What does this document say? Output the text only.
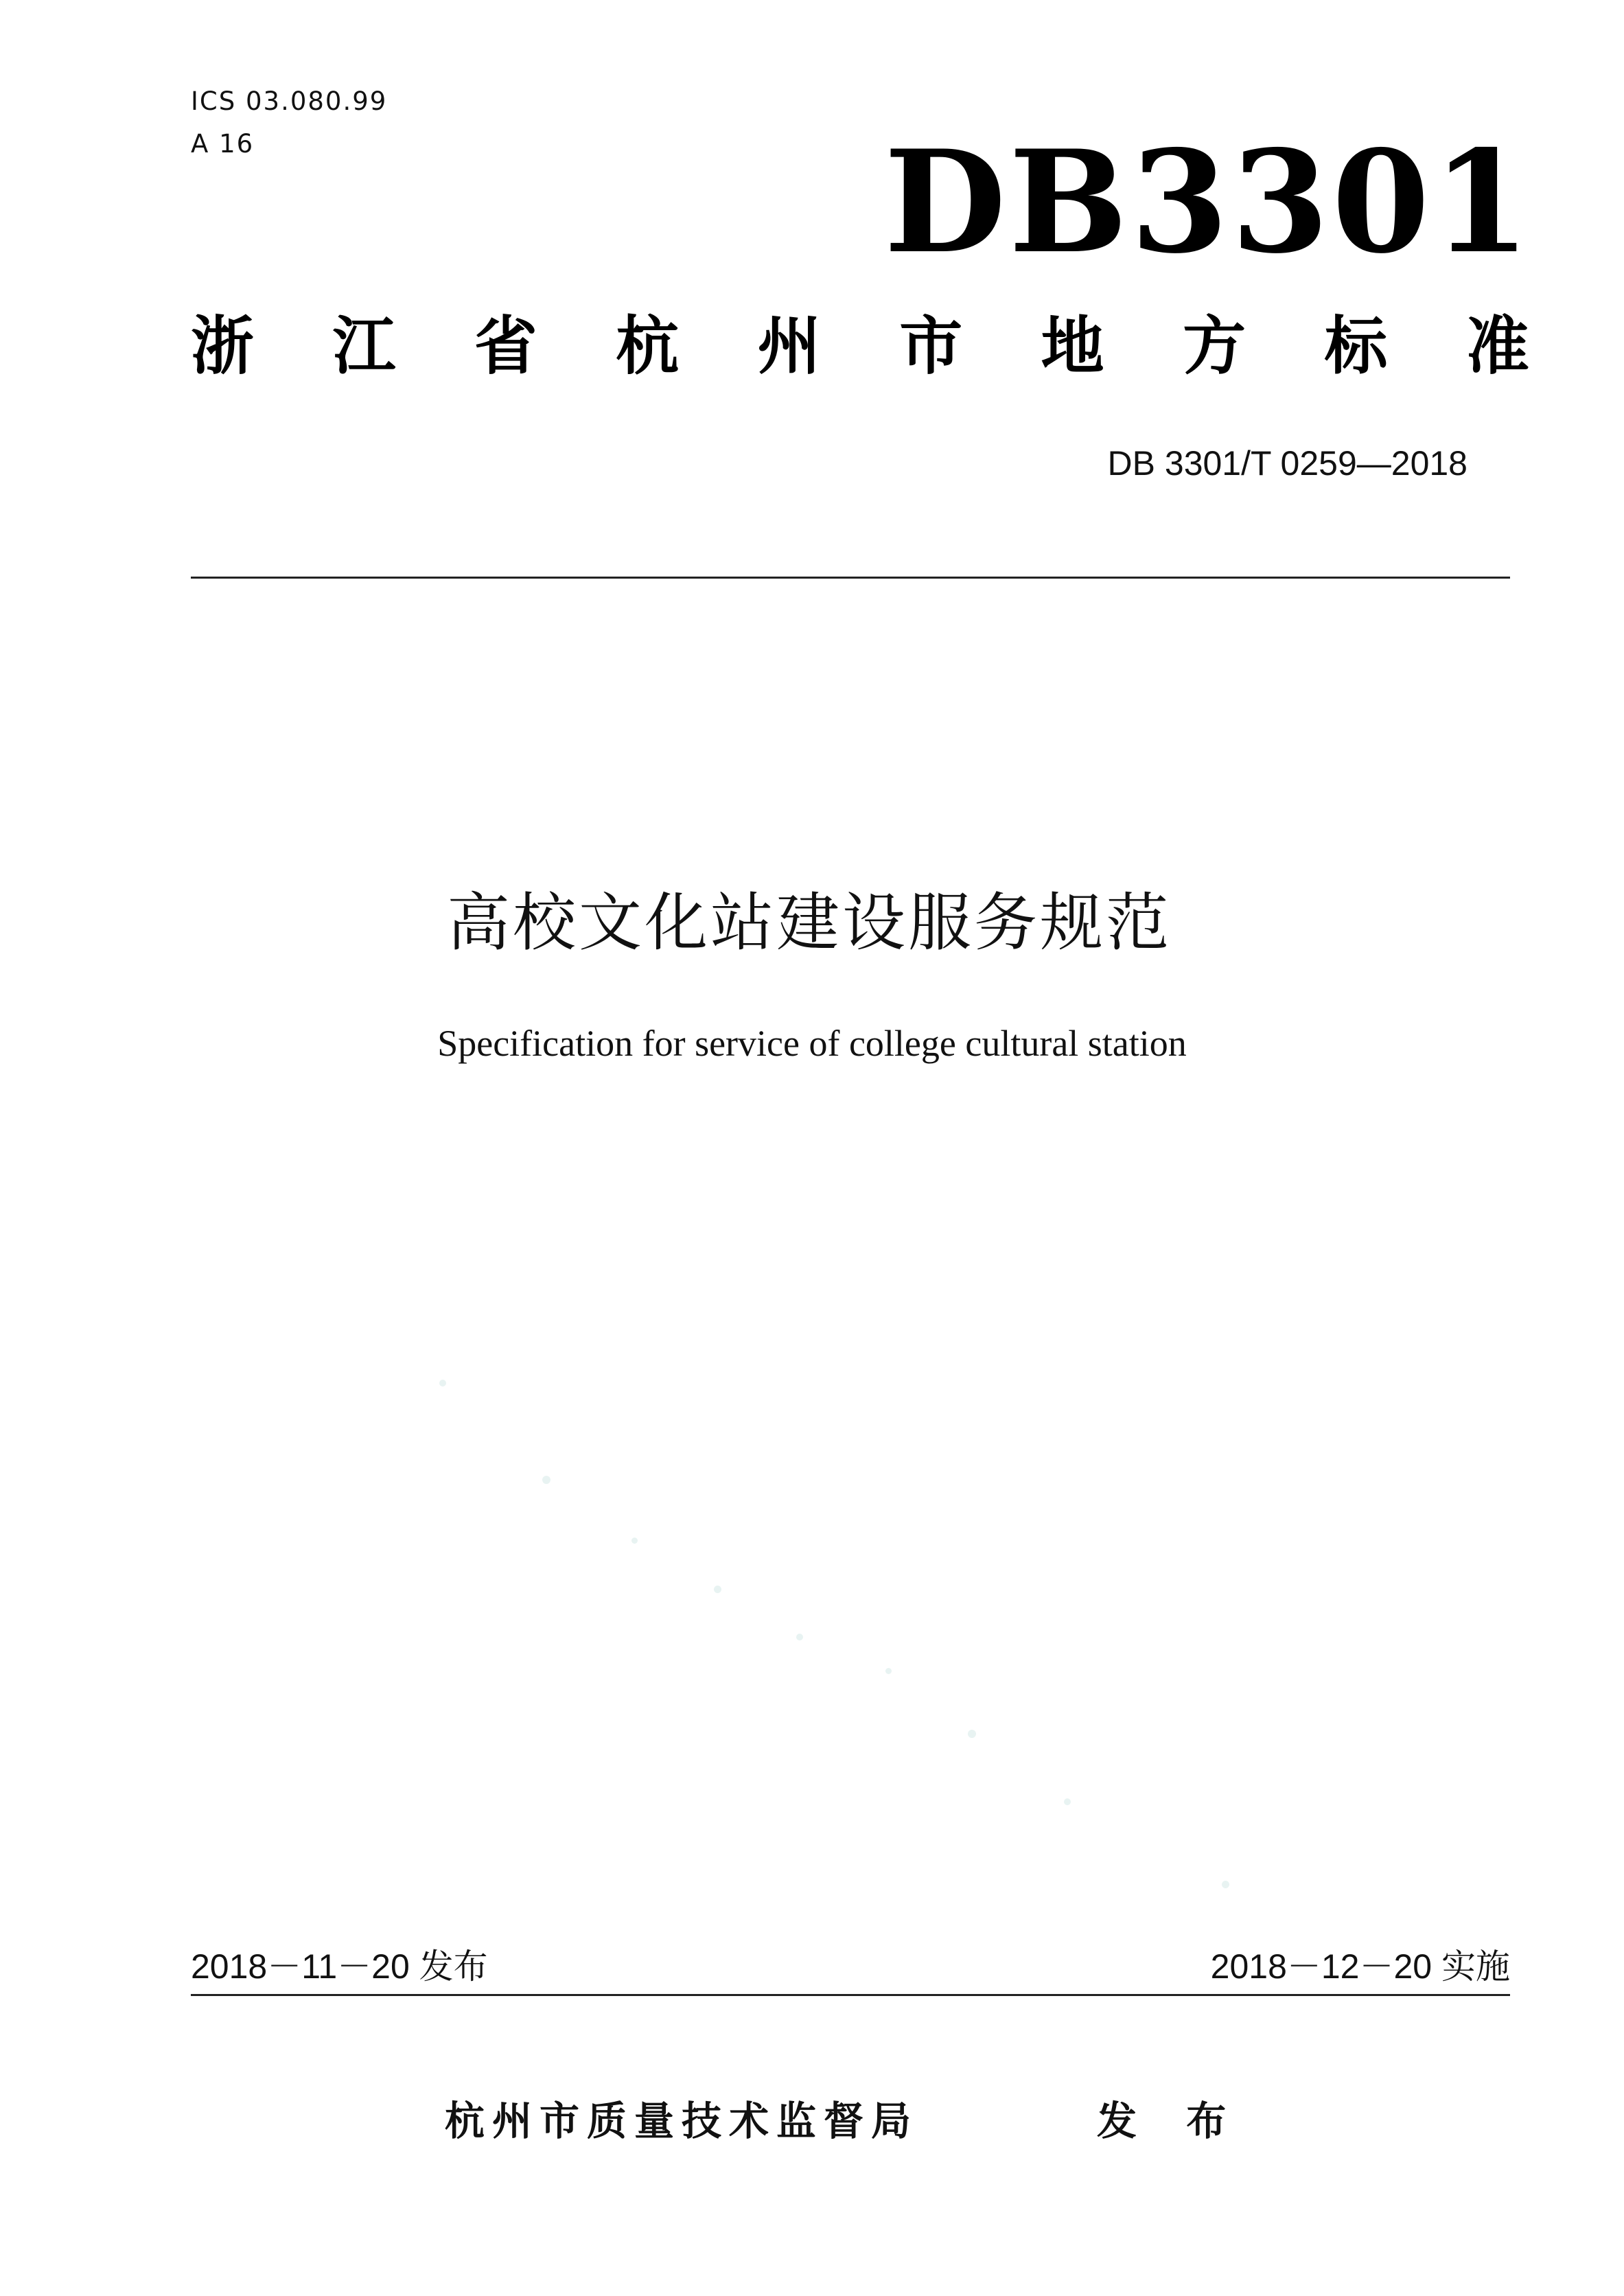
ICS 03.080.99
A 16	DB3301
浙 江 省 杭 州 市 地 方 标 准
DB 3301/T 0259—2018
高校文化站建设服务规范
Specification for service of college cultural station
2018－11－20 发布	2018－12－20 实施
杭州市质量技术监督局	发 布
